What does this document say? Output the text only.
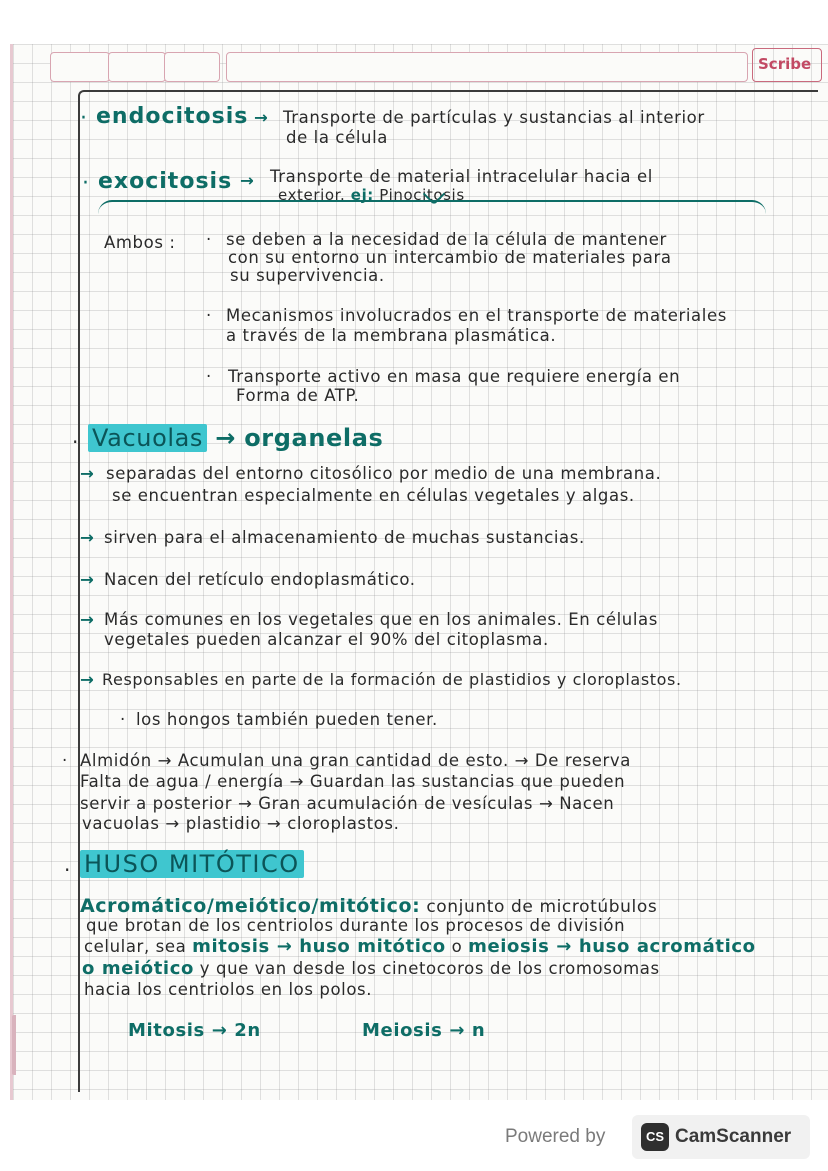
Scribe
· endocitosis → Transporte de partículas y sustancias al interior
de la célula
· exocitosis → Transporte de material intracelular hacia el
exterior. ej: Pinocitosis
Ambos : · se deben a la necesidad de la célula de mantener
con su entorno un intercambio de materiales para
su supervivencia.
· Mecanismos involucrados en el transporte de materiales
a través de la membrana plasmática.
· Transporte activo en masa que requiere energía en
Forma de ATP.
· Vacuolas → organelas
→ separadas del entorno citosólico por medio de una membrana.
se encuentran especialmente en células vegetales y algas.
→ sirven para el almacenamiento de muchas sustancias.
→ Nacen del retículo endoplasmático.
→ Más comunes en los vegetales que en los animales. En células
vegetales pueden alcanzar el 90% del citoplasma.
→ Responsables en parte de la formación de plastidios y cloroplastos.
· los hongos también pueden tener.
· Almidón → Acumulan una gran cantidad de esto. → De reserva
Falta de agua / energía → Guardan las sustancias que pueden
servir a posterior → Gran acumulación de vesículas → Nacen
vacuolas → plastidio → cloroplastos.
· HUSO MITÓTICO
Acromático/meiótico/mitótico: conjunto de microtúbulos
que brotan de los centriolos durante los procesos de división
celular, sea mitosis → huso mitótico o meiosis → huso acromático
o meiótico y que van desde los cinetocoros de los cromosomas
hacia los centriolos en los polos.
Mitosis → 2n	Meiosis → n
Powered by	CS CamScanner
